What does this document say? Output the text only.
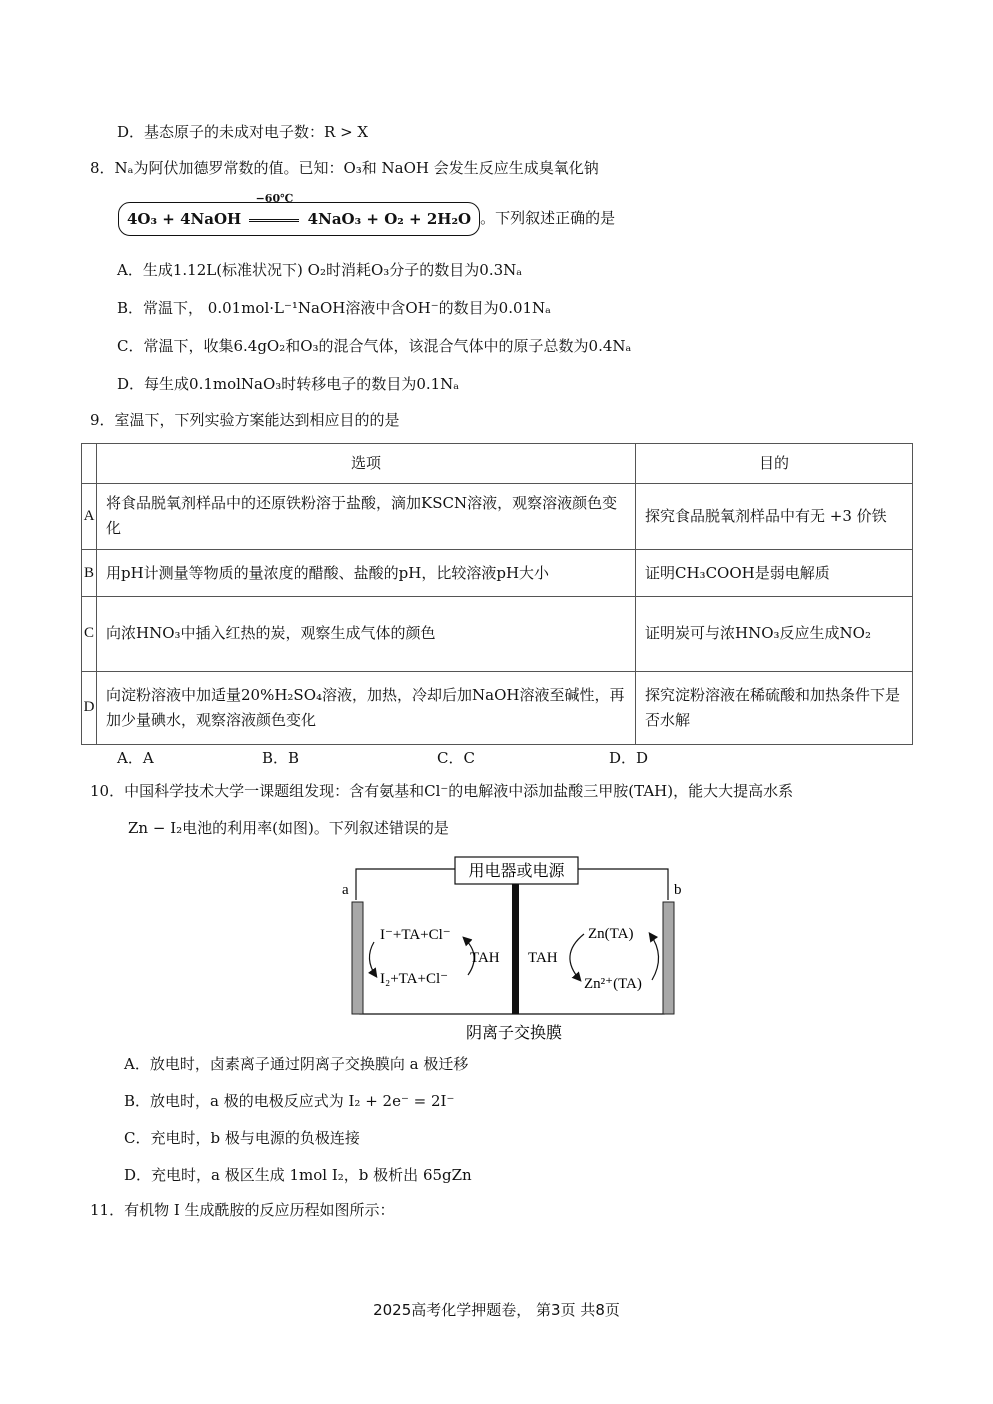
D．基态原子的未成对电子数：R > X
8．Nₐ为阿伏加德罗常数的值。已知：O₃和 NaOH 会发生反应生成臭氧化钠
4O₃ + 4NaOH
−60℃
4NaO₃ + O₂ + 2H₂O 。下列叙述正确的是
A．生成1.12L(标准状况下) O₂时消耗O₃分子的数目为0.3Nₐ
B．常温下， 0.01mol·L⁻¹NaOH溶液中含OH⁻的数目为0.01Nₐ
C．常温下，收集6.4gO₂和O₃的混合气体，该混合气体中的原子总数为0.4Nₐ
D．每生成0.1molNaO₃时转移电子的数目为0.1Nₐ
9．室温下，下列实验方案能达到相应目的的是
	选项	目的
A	将食品脱氧剂样品中的还原铁粉溶于盐酸，滴加KSCN溶液，观察溶液颜色变化	探究食品脱氧剂样品中有无 +3 价铁
B	用pH计测量等物质的量浓度的醋酸、盐酸的pH，比较溶液pH大小	证明CH₃COOH是弱电解质
C	向浓HNO₃中插入红热的炭，观察生成气体的颜色	证明炭可与浓HNO₃反应生成NO₂
D	向淀粉溶液中加适量20%H₂SO₄溶液，加热，冷却后加NaOH溶液至碱性，再加少量碘水，观察溶液颜色变化	探究淀粉溶液在稀硫酸和加热条件下是否水解
A．A	B．B	C．C	D．D
10．中国科学技术大学一课题组发现：含有氨基和Cl⁻的电解液中添加盐酸三甲胺(TAH)，能大大提高水系
Zn − I₂电池的利用率(如图)。下列叙述错误的是
用电器或电源
a	b
I⁻+TA+Cl⁻
I₂+TA+Cl⁻
TAH TAH
Zn(TA)
Zn²⁺(TA)
阴离子交换膜
A．放电时，卤素离子通过阴离子交换膜向 a 极迁移
B．放电时，a 极的电极反应式为 I₂ + 2e⁻ = 2I⁻
C．充电时，b 极与电源的负极连接
D．充电时，a 极区生成 1mol I₂，b 极析出 65gZn
11．有机物 I 生成酰胺的反应历程如图所示：
2025高考化学押题卷， 第3页 共8页
